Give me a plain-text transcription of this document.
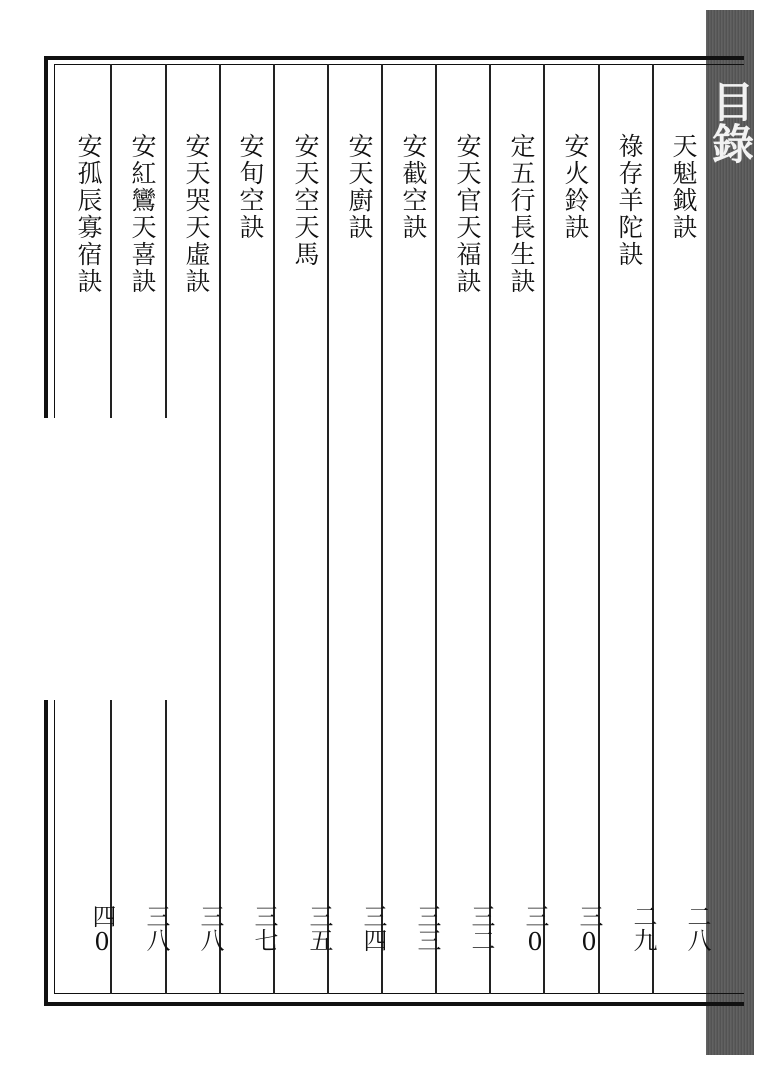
目錄
天魁鉞訣
祿存羊陀訣
安火鈴訣
定五行長生訣
安天官天福訣
安截空訣
安天廚訣
安天空天馬
安旬空訣
安天哭天虛訣
安紅鸞天喜訣
安孤辰寡宿訣
二八
二九
三0
三0
三二
三三
三四
三五
三七
三八
三八
四0
